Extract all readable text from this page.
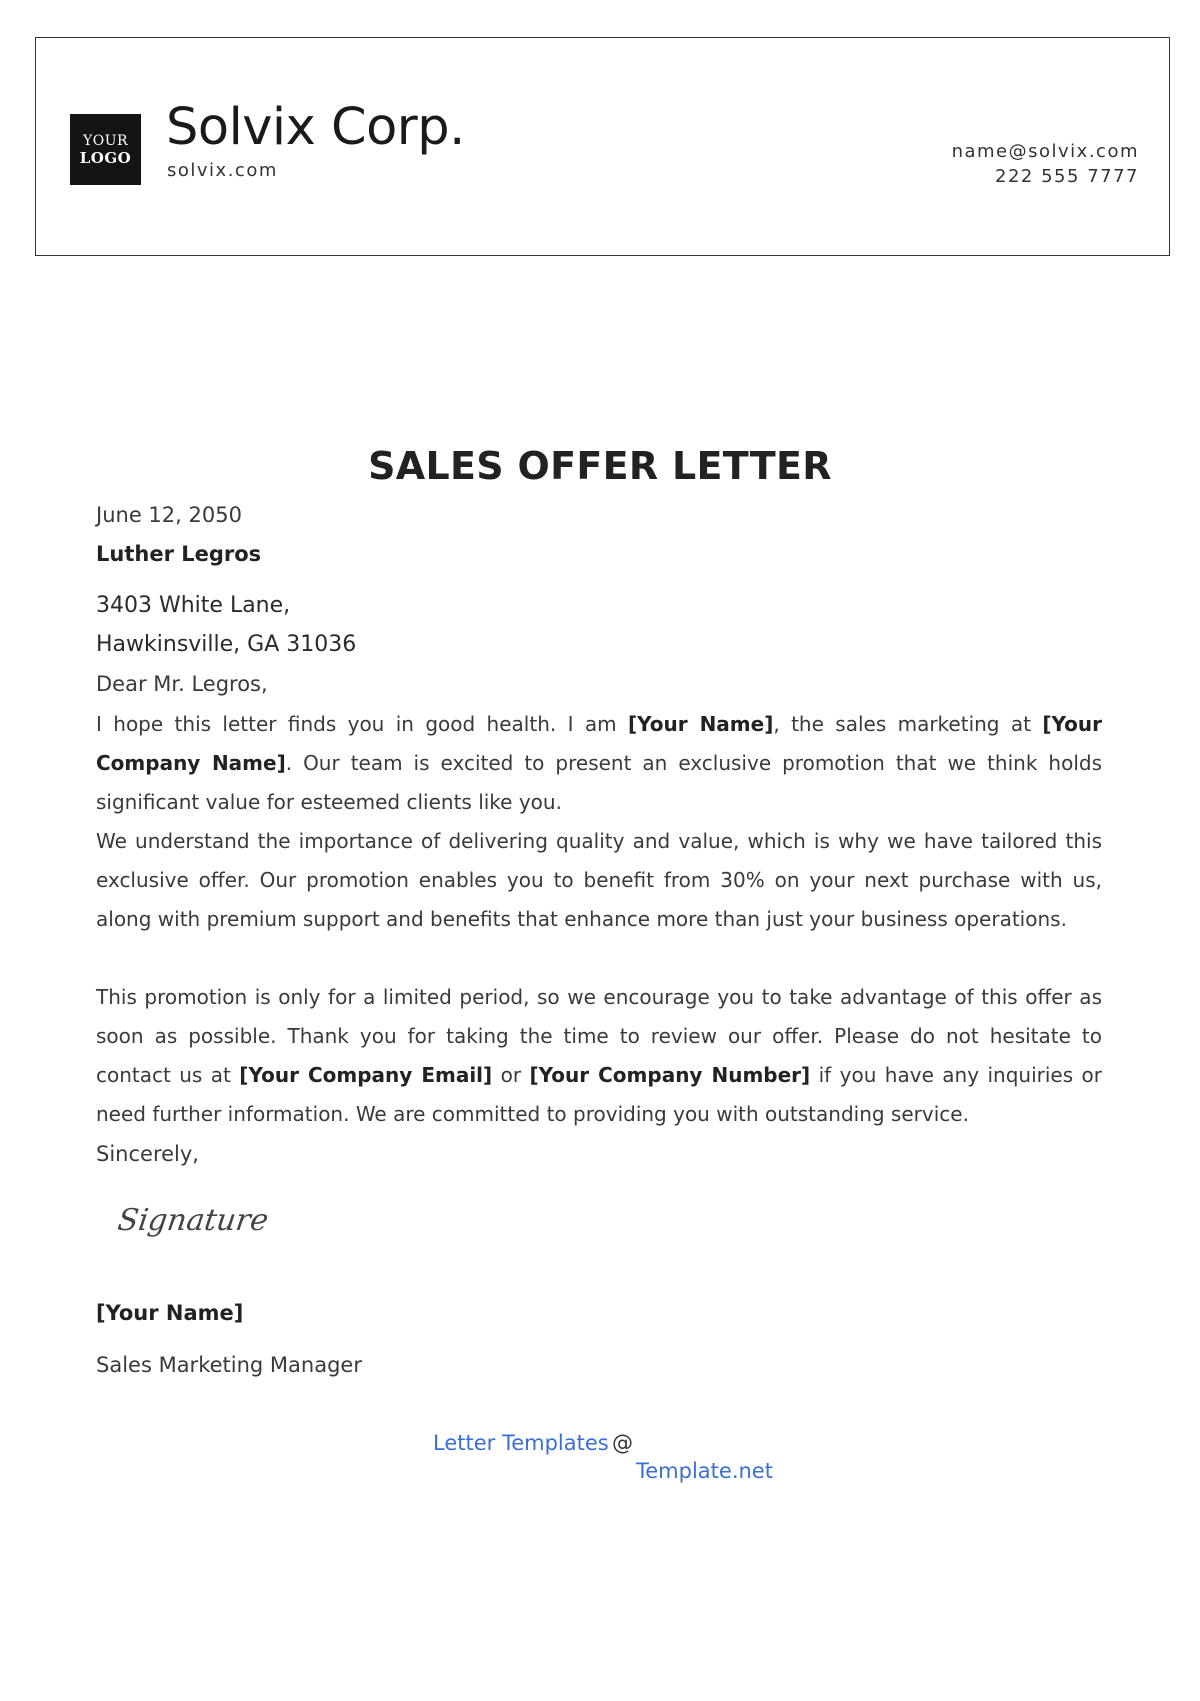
YOUR
LOGO
Solvix Corp.
solvix.com
name@solvix.com
222 555 7777
SALES OFFER LETTER
June 12, 2050
Luther Legros
3403 White Lane,
Hawkinsville, GA 31036
Dear Mr. Legros,

I hope this letter finds you in good health. I am [Your Name], the sales marketing at [Your Company Name]. Our team is excited to present an exclusive promotion that we think holds significant value for esteemed clients like you.

We understand the importance of delivering quality and value, which is why we have tailored this exclusive offer. Our promotion enables you to benefit from 30% on your next purchase with us, along with premium support and benefits that enhance more than just your business operations.

This promotion is only for a limited period, so we encourage you to take advantage of this offer as soon as possible. Thank you for taking the time to review our offer. Please do not hesitate to contact us at [Your Company Email] or [Your Company Number] if you have any inquiries or need further information. We are committed to providing you with outstanding service.

Sincerely,
Signature
[Your Name]
Sales Marketing Manager
Letter Templates @
Template.net
